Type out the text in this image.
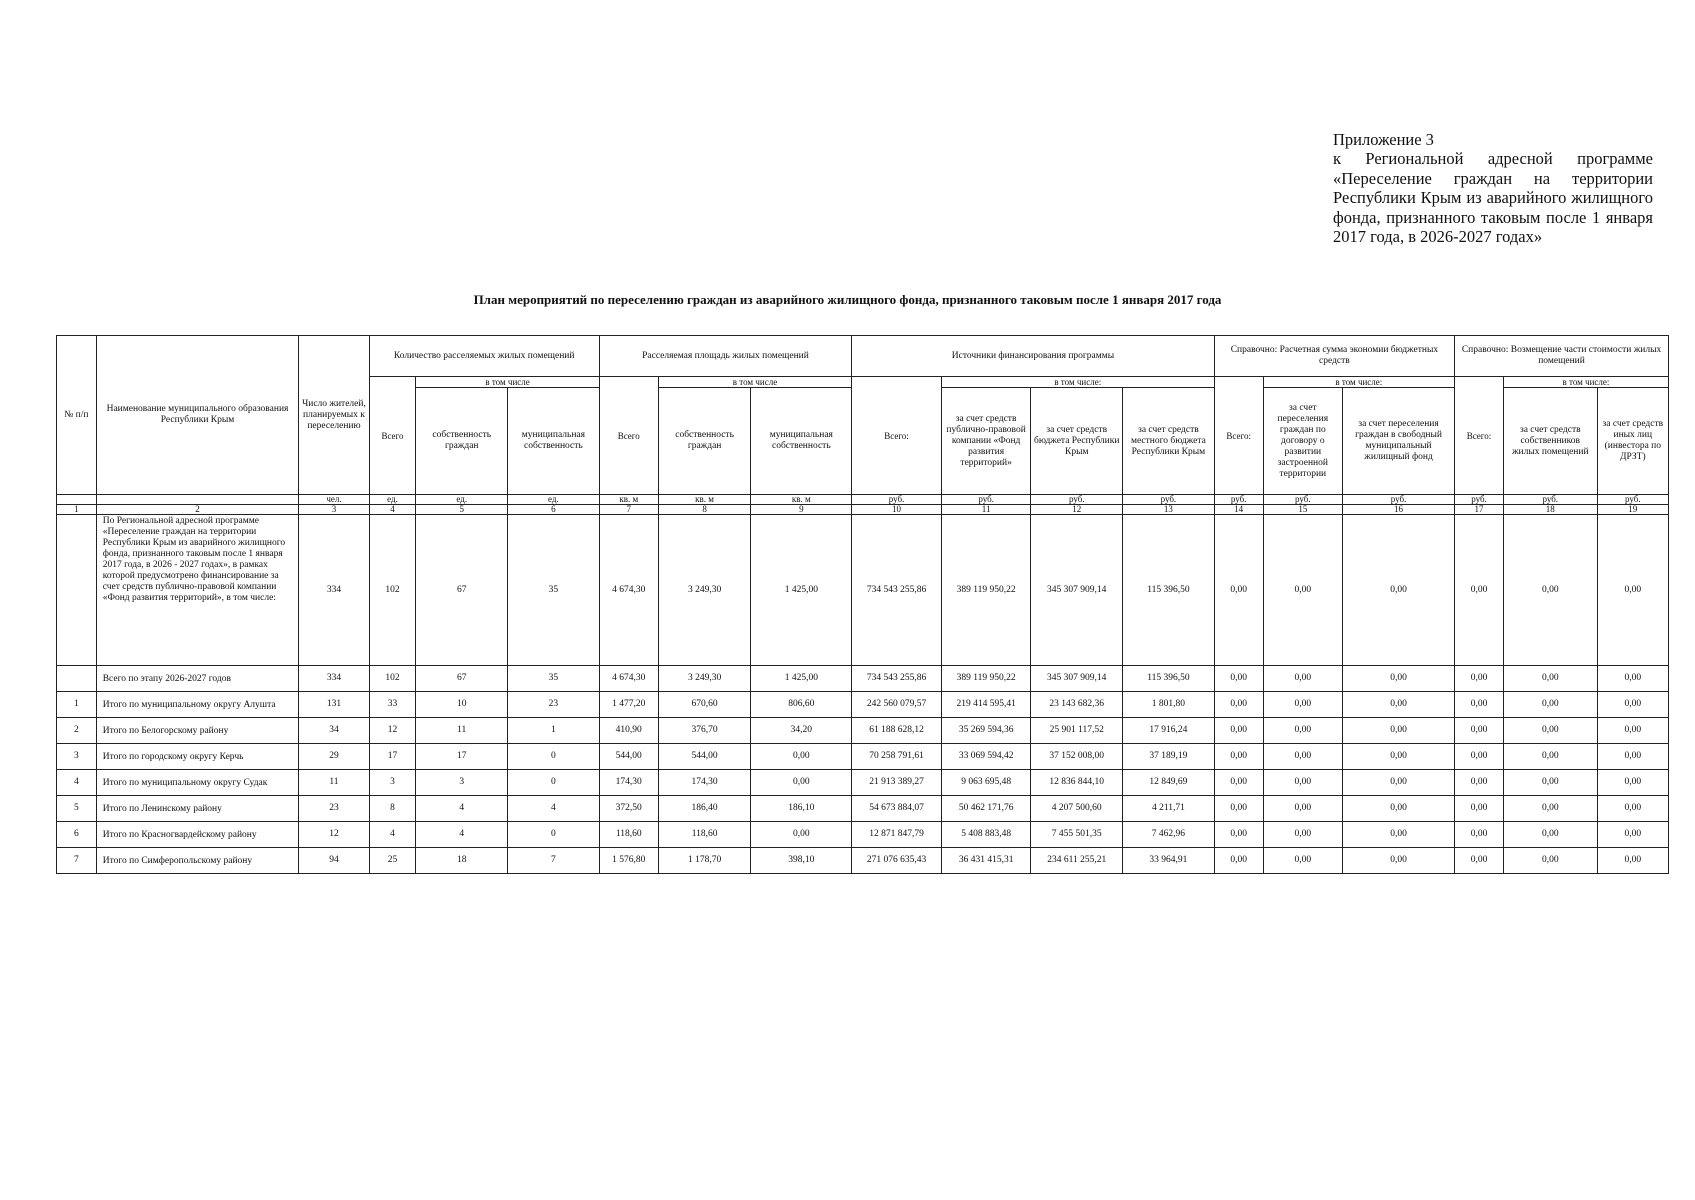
Приложение 3
к Региональной адресной программе «Переселение граждан на территории Республики Крым из аварийного жилищного фонда, признанного таковым после 1 января 2017 года, в 2026-2027 годах»
План мероприятий по переселению граждан из аварийного жилищного фонда, признанного таковым после 1 января 2017 года
№ п/п	Наименование муниципального образования Республики Крым	Число жителей, планируемых к переселению	Количество расселяемых жилых помещений			Расселяемая площадь жилых помещений			Источники финансирования программы				Справочно: Расчетная сумма экономии бюджетных средств			Справочно: Возмещение части стоимости жилых помещений		
			Всего	в том числе		Всего	в том числе		Всего:	в том числе:			Всего:	в том числе:		Всего:	в том числе:	
				собственность граждан	муниципальная собственность		собственность граждан	муниципальная собственность		за счет средств публично-правовой компании «Фонд развития территорий»	за счет средств бюджета Республики Крым	за счет средств местного бюджета Республики Крым		за счет переселения граждан по договору о развитии застроенной территории	за счет переселения граждан в свободный муниципальный жилищный фонд		за счет средств собственников жилых помещений	за счет средств иных лиц (инвестора по ДРЗТ)
		чел.	ед.	ед.	ед.	кв. м	кв. м	кв. м	руб.	руб.	руб.	руб.	руб.	руб.	руб.	руб.	руб.	руб.
1	2	3	4	5	6	7	8	9	10	11	12	13	14	15	16	17	18	19
	По Региональной адресной программе «Переселение граждан на территории Республики Крым из аварийного жилищного фонда, признанного таковым после 1 января 2017 года, в 2026 - 2027 годах», в рамках которой предусмотрено финансирование за счет средств публично-правовой компании «Фонд развития территорий», в том числе:	334	102	67	35	4 674,30	3 249,30	1 425,00	734 543 255,86	389 119 950,22	345 307 909,14	115 396,50	0,00	0,00	0,00	0,00	0,00	0,00
	Всего по этапу 2026-2027 годов	334	102	67	35	4 674,30	3 249,30	1 425,00	734 543 255,86	389 119 950,22	345 307 909,14	115 396,50	0,00	0,00	0,00	0,00	0,00	0,00
1	Итого по муниципальному округу Алушта	131	33	10	23	1 477,20	670,60	806,60	242 560 079,57	219 414 595,41	23 143 682,36	1 801,80	0,00	0,00	0,00	0,00	0,00	0,00
2	Итого по Белогорскому району	34	12	11	1	410,90	376,70	34,20	61 188 628,12	35 269 594,36	25 901 117,52	17 916,24	0,00	0,00	0,00	0,00	0,00	0,00
3	Итого по городскому округу Керчь	29	17	17	0	544,00	544,00	0,00	70 258 791,61	33 069 594,42	37 152 008,00	37 189,19	0,00	0,00	0,00	0,00	0,00	0,00
4	Итого по муниципальному округу Судак	11	3	3	0	174,30	174,30	0,00	21 913 389,27	9 063 695,48	12 836 844,10	12 849,69	0,00	0,00	0,00	0,00	0,00	0,00
5	Итого по Ленинскому району	23	8	4	4	372,50	186,40	186,10	54 673 884,07	50 462 171,76	4 207 500,60	4 211,71	0,00	0,00	0,00	0,00	0,00	0,00
6	Итого по Красногвардейскому району	12	4	4	0	118,60	118,60	0,00	12 871 847,79	5 408 883,48	7 455 501,35	7 462,96	0,00	0,00	0,00	0,00	0,00	0,00
7	Итого по Симферопольскому району	94	25	18	7	1 576,80	1 178,70	398,10	271 076 635,43	36 431 415,31	234 611 255,21	33 964,91	0,00	0,00	0,00	0,00	0,00	0,00
